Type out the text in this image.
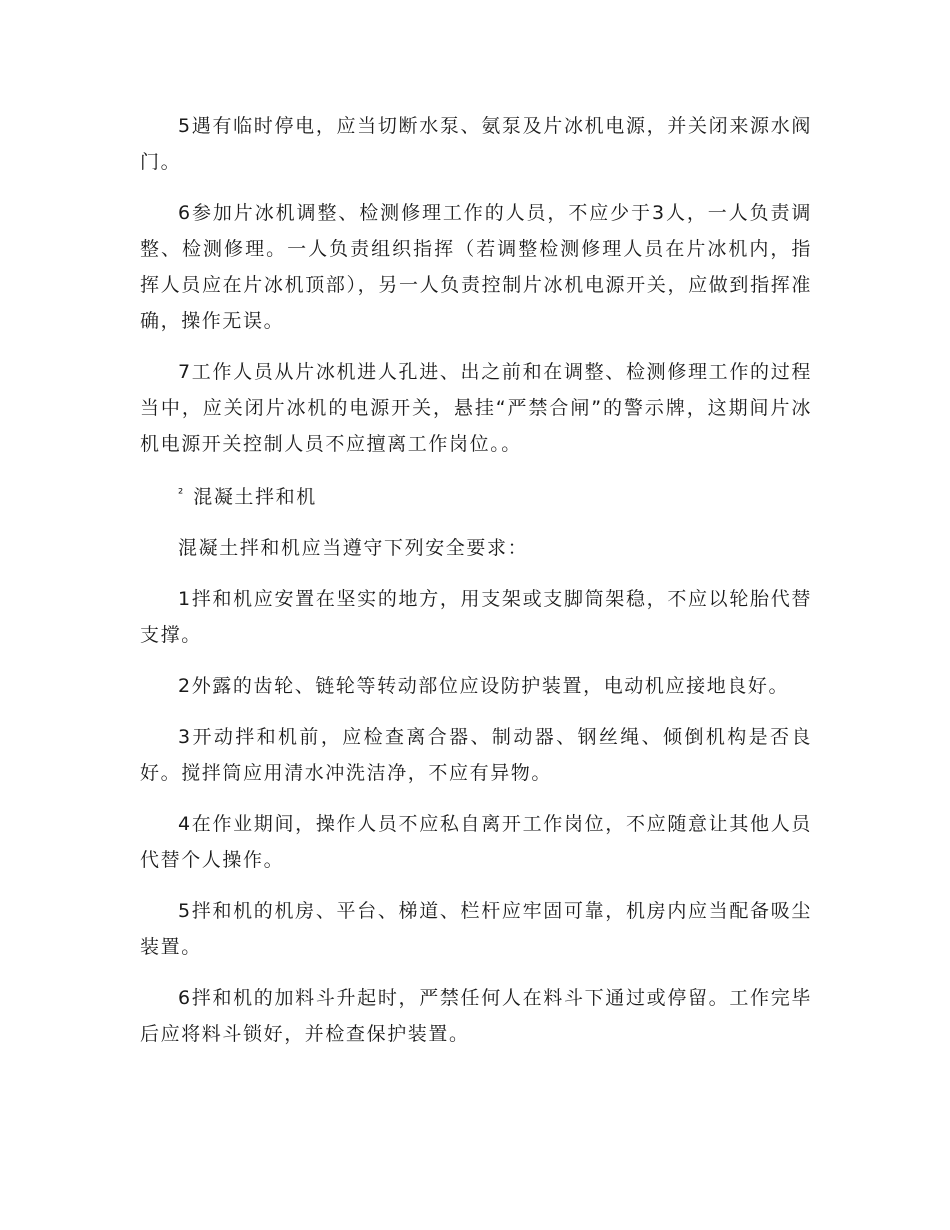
5遇有临时停电，应当切断水泵、氨泵及片冰机电源，并关闭来源水阀门。

6参加片冰机调整、检测修理工作的人员，不应少于3人，一人负责调整、检测修理。一人负责组织指挥（若调整检测修理人员在片冰机内，指挥人员应在片冰机顶部），另一人负责控制片冰机电源开关，应做到指挥准确，操作无误。

7工作人员从片冰机进人孔进、出之前和在调整、检测修理工作的过程当中，应关闭片冰机的电源开关，悬挂“严禁合闸”的警示牌，这期间片冰机电源开关控制人员不应擅离工作岗位。。

$^{^2}$ 混凝土拌和机

混凝土拌和机应当遵守下列安全要求：

1拌和机应安置在坚实的地方，用支架或支脚筒架稳，不应以轮胎代替支撑。

2外露的齿轮、链轮等转动部位应设防护装置，电动机应接地良好。

3开动拌和机前，应检查离合器、制动器、钢丝绳、倾倒机构是否良好。搅拌筒应用清水冲洗洁净，不应有异物。

4在作业期间，操作人员不应私自离开工作岗位，不应随意让其他人员代替个人操作。

5拌和机的机房、平台、梯道、栏杆应牢固可靠，机房内应当配备吸尘装置。

6拌和机的加料斗升起时，严禁任何人在料斗下通过或停留。工作完毕后应将料斗锁好，并检查保护装置。
